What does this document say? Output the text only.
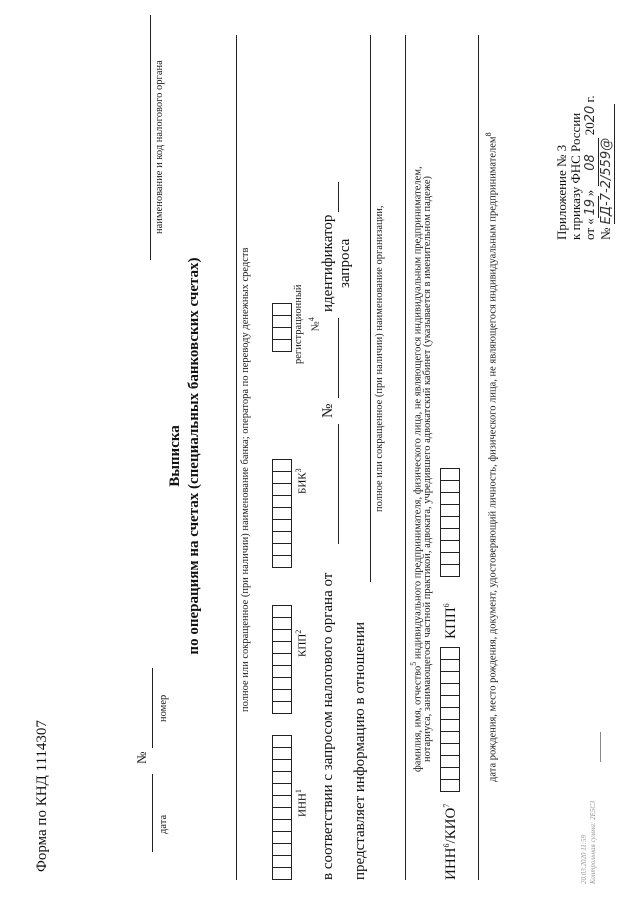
Форма по КНД 1114307
Приложение № 3 к приказу ФНС России от «19» 08 2020 г.
№ ЕД-7-2/559@
дата
№
номер
наименование и код налогового органа
Выписка по операциям на счетах (специальных банковских счетах)	полное или сокращенное (при наличии) наименование банка; оператора по переводу денежных средств
ИНН$^1$
КПП$^2$
БИК$^3$
регистрационный №$^4$
в соответствии с запросом налогового органа от
№
идентификатор запроса
представляет информацию в отношении
полное или сокращенное (при наличии) наименование организации,
фамилия, имя, отчество$^5$ индивидуального предпринимателя, физического лица, не являющегося индивидуальным предпринимателем,
нотариуса, занимающегося частной практикой, адвоката, учредившего адвокатский кабинет (указывается в именительном падеже)
ИНН$^6$/КИО$^7$
КПП$^6$	дата рождения, место рождения, документ, удостоверяющий личность, физического лица, не являющегося индивидуальным предпринимателем$^8$
20.03.2020 11:59 Контрольная сумма: 2E5C3
